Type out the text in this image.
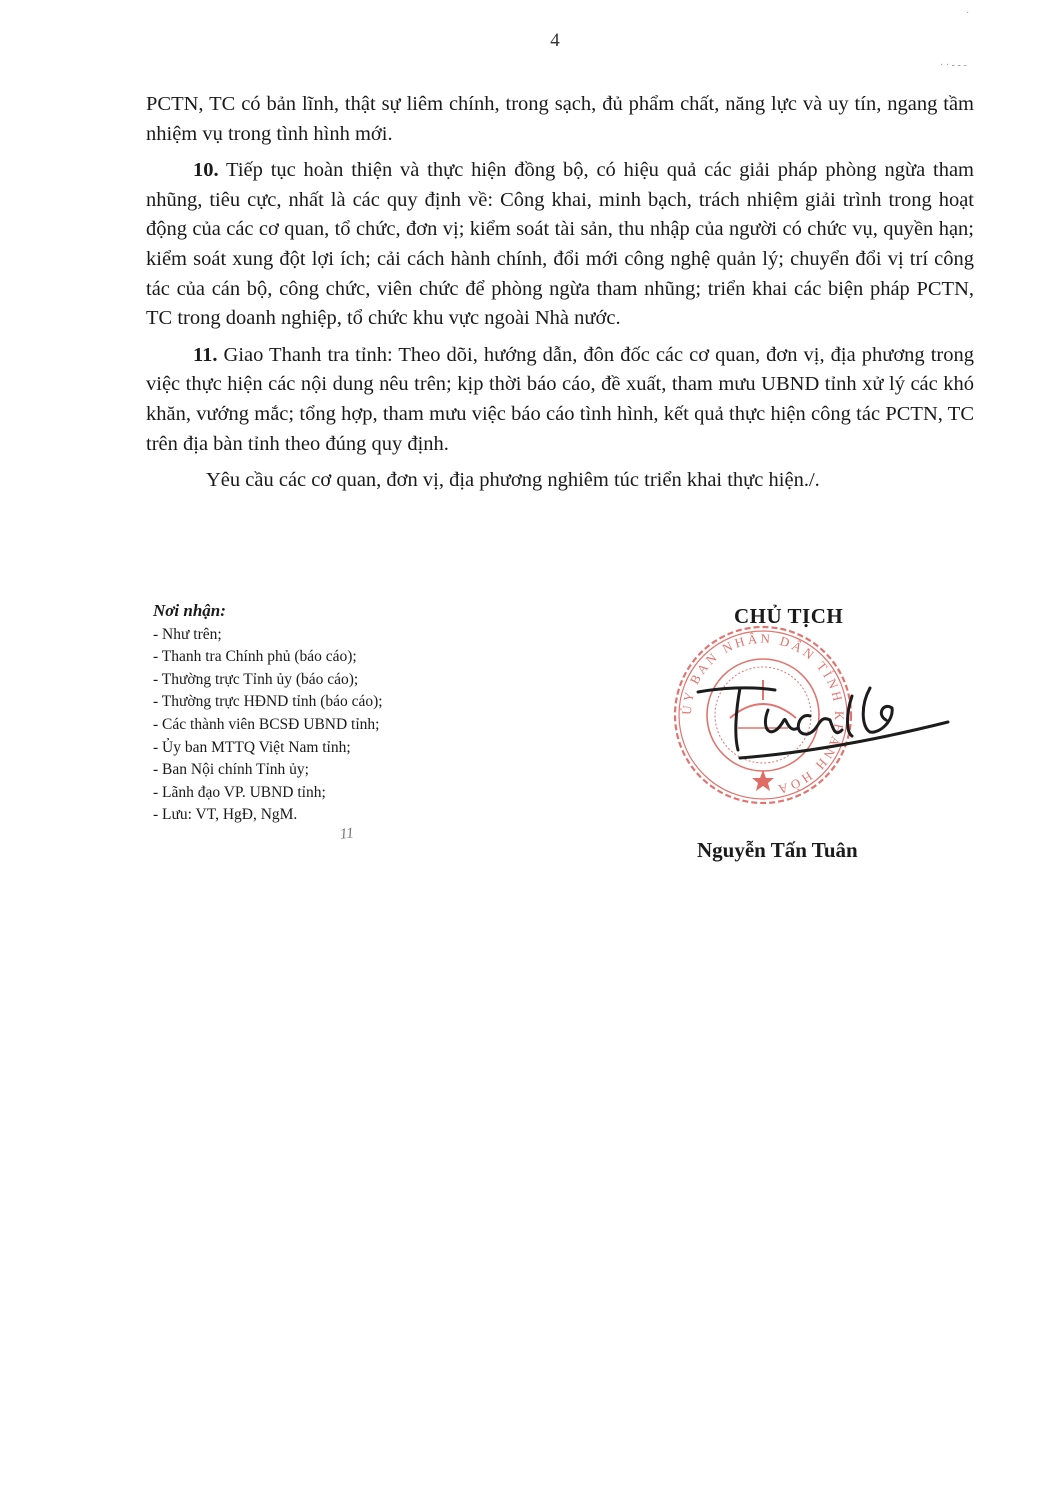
4

PCTN, TC có bản lĩnh, thật sự liêm chính, trong sạch, đủ phẩm chất, năng lực và uy tín, ngang tầm nhiệm vụ trong tình hình mới.

10. Tiếp tục hoàn thiện và thực hiện đồng bộ, có hiệu quả các giải pháp phòng ngừa tham nhũng, tiêu cực, nhất là các quy định về: Công khai, minh bạch, trách nhiệm giải trình trong hoạt động của các cơ quan, tổ chức, đơn vị; kiểm soát tài sản, thu nhập của người có chức vụ, quyền hạn; kiểm soát xung đột lợi ích; cải cách hành chính, đổi mới công nghệ quản lý; chuyển đổi vị trí công tác của cán bộ, công chức, viên chức để phòng ngừa tham nhũng; triển khai các biện pháp PCTN, TC trong doanh nghiệp, tổ chức khu vực ngoài Nhà nước.

11. Giao Thanh tra tỉnh: Theo dõi, hướng dẫn, đôn đốc các cơ quan, đơn vị, địa phương trong việc thực hiện các nội dung nêu trên; kịp thời báo cáo, đề xuất, tham mưu UBND tỉnh xử lý các khó khăn, vướng mắc; tổng hợp, tham mưu việc báo cáo tình hình, kết quả thực hiện công tác PCTN, TC trên địa bàn tỉnh theo đúng quy định.

Yêu cầu các cơ quan, đơn vị, địa phương nghiêm túc triển khai thực hiện./.

Nơi nhận:
- Như trên;
- Thanh tra Chính phủ (báo cáo);
- Thường trực Tỉnh ủy (báo cáo);
- Thường trực HĐND tỉnh (báo cáo);
- Các thành viên BCSĐ UBND tỉnh;
- Ủy ban MTTQ Việt Nam tỉnh;
- Ban Nội chính Tỉnh ủy;
- Lãnh đạo VP. UBND tỉnh;
- Lưu: VT, HgĐ, NgM.
11
ỦY BAN NHÂN DÂN TỈNH KHÁNH HÒA
CHỦ TỊCH
Nguyễn Tấn Tuân
·
· · - - -
